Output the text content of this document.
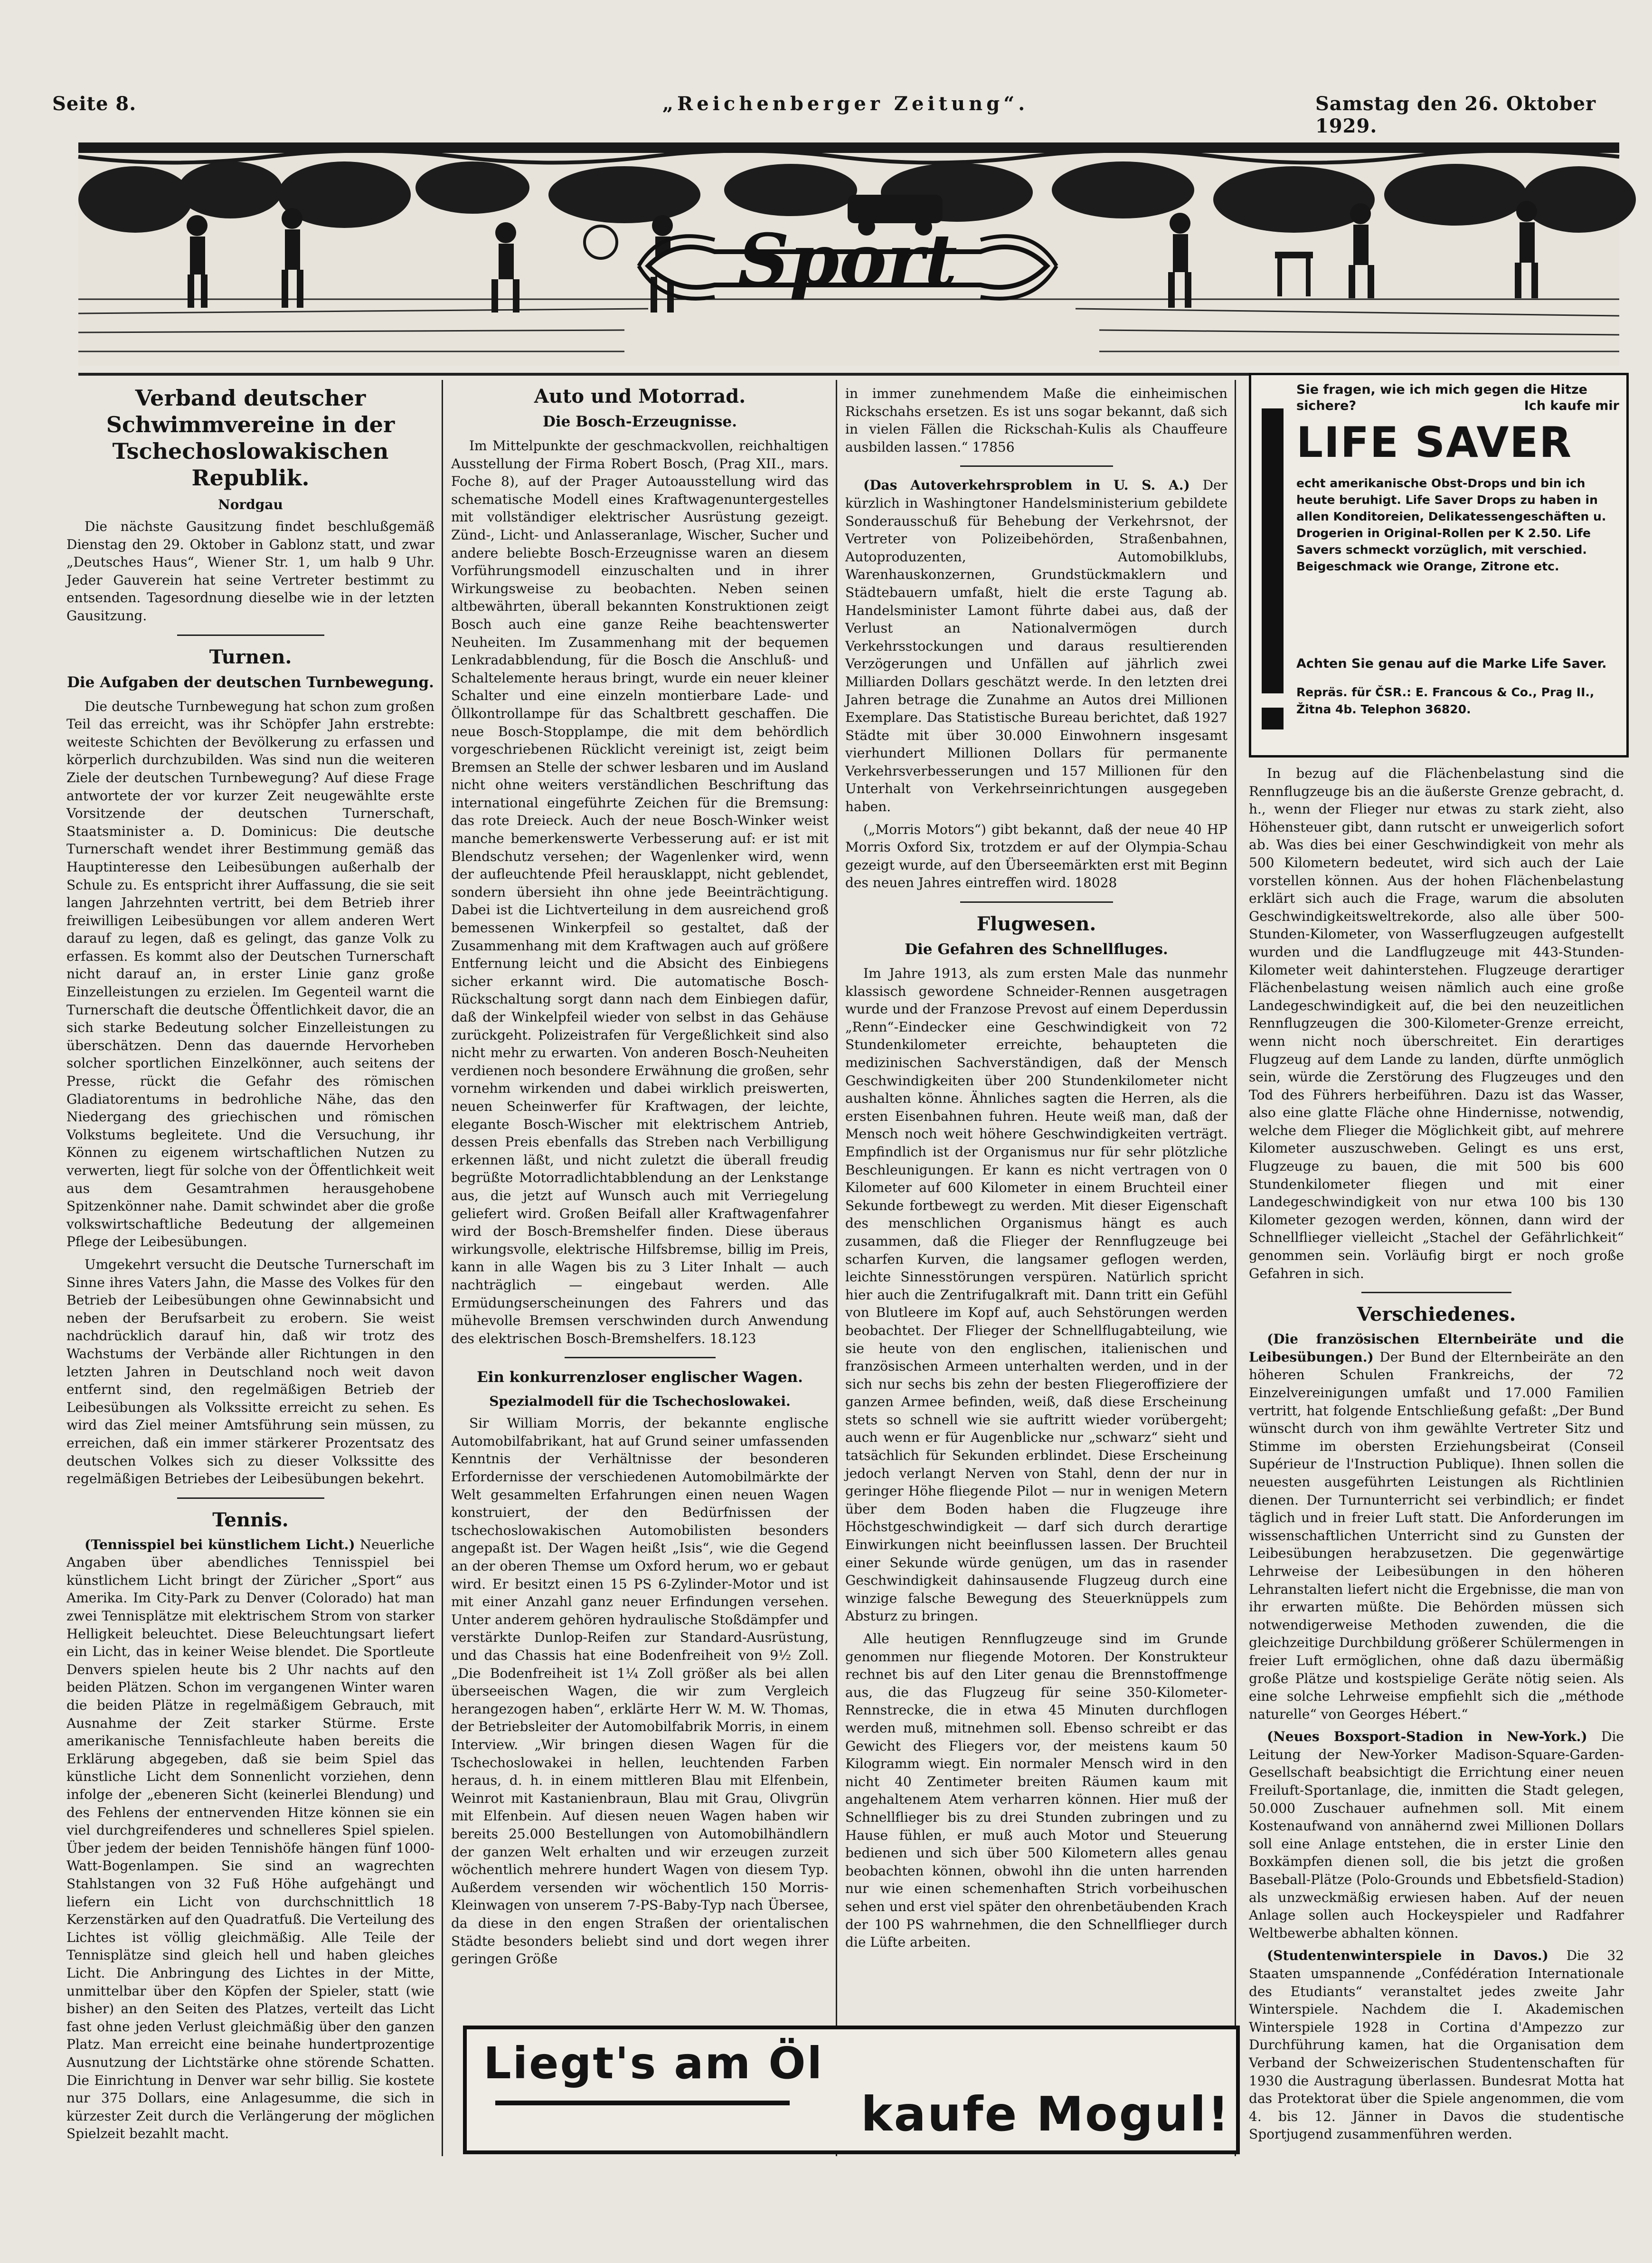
Seite 8.	„Reichenberger Zeitung“.	Samstag den 26. Oktober 1929.
Sport
Verband deutscher Schwimmvereine in der Tschechoslowakischen Republik.
Nordgau

Die nächste Gausitzung findet beschlußgemäß Dienstag den 29. Oktober in Gablonz statt, und zwar „Deutsches Haus“, Wiener Str. 1, um halb 9 Uhr. Jeder Gauverein hat seine Vertreter bestimmt zu entsenden. Tagesordnung dieselbe wie in der letzten Gausitzung.

Turnen.
Die Aufgaben der deutschen Turnbewegung.

Die deutsche Turnbewegung hat schon zum großen Teil das erreicht, was ihr Schöpfer Jahn erstrebte: weiteste Schichten der Bevölkerung zu erfassen und körperlich durchzubilden. Was sind nun die weiteren Ziele der deutschen Turnbewegung? Auf diese Frage antwortete der vor kurzer Zeit neugewählte erste Vorsitzende der deutschen Turnerschaft, Staatsminister a. D. Dominicus: Die deutsche Turnerschaft wendet ihrer Bestimmung gemäß das Hauptinteresse den Leibesübungen außerhalb der Schule zu. Es entspricht ihrer Auffassung, die sie seit langen Jahrzehnten vertritt, bei dem Betrieb ihrer freiwilligen Leibesübungen vor allem anderen Wert darauf zu legen, daß es gelingt, das ganze Volk zu erfassen. Es kommt also der Deutschen Turnerschaft nicht darauf an, in erster Linie ganz große Einzelleistungen zu erzielen. Im Gegenteil warnt die Turnerschaft die deutsche Öffentlichkeit davor, die an sich starke Bedeutung solcher Einzelleistungen zu überschätzen. Denn das dauernde Hervorheben solcher sportlichen Einzelkönner, auch seitens der Presse, rückt die Gefahr des römischen Gladiatorentums in bedrohliche Nähe, das den Niedergang des griechischen und römischen Volkstums begleitete. Und die Versuchung, ihr Können zu eigenem wirtschaftlichen Nutzen zu verwerten, liegt für solche von der Öffentlichkeit weit aus dem Gesamtrahmen herausgehobene Spitzenkönner nahe. Damit schwindet aber die große volkswirtschaftliche Bedeutung der allgemeinen Pflege der Leibesübungen.

Umgekehrt versucht die Deutsche Turnerschaft im Sinne ihres Vaters Jahn, die Masse des Volkes für den Betrieb der Leibesübungen ohne Gewinnabsicht und neben der Berufsarbeit zu erobern. Sie weist nachdrücklich darauf hin, daß wir trotz des Wachstums der Verbände aller Richtungen in den letzten Jahren in Deutschland noch weit davon entfernt sind, den regelmäßigen Betrieb der Leibesübungen als Volkssitte erreicht zu sehen. Es wird das Ziel meiner Amtsführung sein müssen, zu erreichen, daß ein immer stärkerer Prozentsatz des deutschen Volkes sich zu dieser Volkssitte des regelmäßigen Betriebes der Leibesübungen bekehrt.

Tennis.

(Tennisspiel bei künstlichem Licht.) Neuerliche Angaben über abendliches Tennisspiel bei künstlichem Licht bringt der Züricher „Sport“ aus Amerika. Im City-Park zu Denver (Colorado) hat man zwei Tennisplätze mit elektrischem Strom von starker Helligkeit beleuchtet. Diese Beleuchtungsart liefert ein Licht, das in keiner Weise blendet. Die Sportleute Denvers spielen heute bis 2 Uhr nachts auf den beiden Plätzen. Schon im vergangenen Winter waren die beiden Plätze in regelmäßigem Gebrauch, mit Ausnahme der Zeit starker Stürme. Erste amerikanische Tennisfachleute haben bereits die Erklärung abgegeben, daß sie beim Spiel das künstliche Licht dem Sonnenlicht vorziehen, denn infolge der „ebeneren Sicht (keinerlei Blendung) und des Fehlens der entnervenden Hitze können sie ein viel durchgreifenderes und schnelleres Spiel spielen. Über jedem der beiden Tennishöfe hängen fünf 1000-Watt-Bogenlampen. Sie sind an wagrechten Stahlstangen von 32 Fuß Höhe aufgehängt und liefern ein Licht von durchschnittlich 18 Kerzenstärken auf den Quadratfuß. Die Verteilung des Lichtes ist völlig gleichmäßig. Alle Teile der Tennisplätze sind gleich hell und haben gleiches Licht. Die Anbringung des Lichtes in der Mitte, unmittelbar über den Köpfen der Spieler, statt (wie bisher) an den Seiten des Platzes, verteilt das Licht fast ohne jeden Verlust gleichmäßig über den ganzen Platz. Man erreicht eine beinahe hundertprozentige Ausnutzung der Lichtstärke ohne störende Schatten. Die Einrichtung in Denver war sehr billig. Sie kostete nur 375 Dollars, eine Anlagesumme, die sich in kürzester Zeit durch die Verlängerung der möglichen Spielzeit bezahlt macht.

Auto und Motorrad.
Die Bosch-Erzeugnisse.

Im Mittelpunkte der geschmackvollen, reichhaltigen Ausstellung der Firma Robert Bosch, (Prag XII., mars. Foche 8), auf der Prager Autoausstellung wird das schematische Modell eines Kraftwagenuntergestelles mit vollständiger elektrischer Ausrüstung gezeigt. Zünd-, Licht- und Anlasseranlage, Wischer, Sucher und andere beliebte Bosch-Erzeugnisse waren an diesem Vorführungsmodell einzuschalten und in ihrer Wirkungsweise zu beobachten. Neben seinen altbewährten, überall bekannten Konstruktionen zeigt Bosch auch eine ganze Reihe beachtenswerter Neuheiten. Im Zusammenhang mit der bequemen Lenkradabblendung, für die Bosch die Anschluß- und Schaltelemente heraus bringt, wurde ein neuer kleiner Schalter und eine einzeln montierbare Lade- und Öllkontrollampe für das Schaltbrett geschaffen. Die neue Bosch-Stopplampe, die mit dem behördlich vorgeschriebenen Rücklicht vereinigt ist, zeigt beim Bremsen an Stelle der schwer lesbaren und im Ausland nicht ohne weiters verständlichen Beschriftung das international eingeführte Zeichen für die Bremsung: das rote Dreieck. Auch der neue Bosch-Winker weist manche bemerkenswerte Verbesserung auf: er ist mit Blendschutz versehen; der Wagenlenker wird, wenn der aufleuchtende Pfeil herausklappt, nicht geblendet, sondern übersieht ihn ohne jede Beeinträchtigung. Dabei ist die Lichtverteilung in dem ausreichend groß bemessenen Winkerpfeil so gestaltet, daß der Zusammenhang mit dem Kraftwagen auch auf größere Entfernung leicht und die Absicht des Einbiegens sicher erkannt wird. Die automatische Bosch-Rückschaltung sorgt dann nach dem Einbiegen dafür, daß der Winkelpfeil wieder von selbst in das Gehäuse zurückgeht. Polizeistrafen für Vergeßlichkeit sind also nicht mehr zu erwarten. Von anderen Bosch-Neuheiten verdienen noch besondere Erwähnung die großen, sehr vornehm wirkenden und dabei wirklich preiswerten, neuen Scheinwerfer für Kraftwagen, der leichte, elegante Bosch-Wischer mit elektrischem Antrieb, dessen Preis ebenfalls das Streben nach Verbilligung erkennen läßt, und nicht zuletzt die überall freudig begrüßte Motorradlichtabblendung an der Lenkstange aus, die jetzt auf Wunsch auch mit Verriegelung geliefert wird. Großen Beifall aller Kraftwagenfahrer wird der Bosch-Bremshelfer finden. Diese überaus wirkungsvolle, elektrische Hilfsbremse, billig im Preis, kann in alle Wagen bis zu 3 Liter Inhalt — auch nachträglich — eingebaut werden. Alle Ermüdungserscheinungen des Fahrers und das mühevolle Bremsen verschwinden durch Anwendung des elektrischen Bosch-Bremshelfers. 18.123

Ein konkurrenzloser englischer Wagen.
Spezialmodell für die Tschechoslowakei.

Sir William Morris, der bekannte englische Automobilfabrikant, hat auf Grund seiner umfassenden Kenntnis der Verhältnisse der besonderen Erfordernisse der verschiedenen Automobilmärkte der Welt gesammelten Erfahrungen einen neuen Wagen konstruiert, der den Bedürfnissen der tschechoslowakischen Automobilisten besonders angepaßt ist. Der Wagen heißt „Isis“, wie die Gegend an der oberen Themse um Oxford herum, wo er gebaut wird. Er besitzt einen 15 PS 6-Zylinder-Motor und ist mit einer Anzahl ganz neuer Erfindungen versehen. Unter anderem gehören hydraulische Stoßdämpfer und verstärkte Dunlop-Reifen zur Standard-Ausrüstung, und das Chassis hat eine Bodenfreiheit von 9½ Zoll. „Die Bodenfreiheit ist 1¼ Zoll größer als bei allen überseeischen Wagen, die wir zum Vergleich herangezogen haben“, erklärte Herr W. M. W. Thomas, der Betriebsleiter der Automobilfabrik Morris, in einem Interview. „Wir bringen diesen Wagen für die Tschechoslowakei in hellen, leuchtenden Farben heraus, d. h. in einem mittleren Blau mit Elfenbein, Weinrot mit Kastanienbraun, Blau mit Grau, Olivgrün mit Elfenbein. Auf diesen neuen Wagen haben wir bereits 25.000 Bestellungen von Automobilhändlern der ganzen Welt erhalten und wir erzeugen zurzeit wöchentlich mehrere hundert Wagen von diesem Typ. Außerdem versenden wir wöchentlich 150 Morris-Kleinwagen von unserem 7-PS-Baby-Typ nach Übersee, da diese in den engen Straßen der orientalischen Städte besonders beliebt sind und dort wegen ihrer geringen Größe

in immer zunehmendem Maße die einheimischen Rickschahs ersetzen. Es ist uns sogar bekannt, daß sich in vielen Fällen die Rickschah-Kulis als Chauffeure ausbilden lassen.“ 17856

(Das Autoverkehrsproblem in U. S. A.) Der kürzlich in Washingtoner Handelsministerium gebildete Sonderausschuß für Behebung der Verkehrsnot, der Vertreter von Polizeibehörden, Straßenbahnen, Autoproduzenten, Automobilklubs, Warenhauskonzernen, Grundstückmaklern und Städtebauern umfaßt, hielt die erste Tagung ab. Handelsminister Lamont führte dabei aus, daß der Verlust an Nationalvermögen durch Verkehrsstockungen und daraus resultierenden Verzögerungen und Unfällen auf jährlich zwei Milliarden Dollars geschätzt werde. In den letzten drei Jahren betrage die Zunahme an Autos drei Millionen Exemplare. Das Statistische Bureau berichtet, daß 1927 Städte mit über 30.000 Einwohnern insgesamt vierhundert Millionen Dollars für permanente Verkehrsverbesserungen und 157 Millionen für den Unterhalt von Verkehrseinrichtungen ausgegeben haben.

(„Morris Motors“) gibt bekannt, daß der neue 40 HP Morris Oxford Six, trotzdem er auf der Olympia-Schau gezeigt wurde, auf den Überseemärkten erst mit Beginn des neuen Jahres eintreffen wird. 18028

Flugwesen.
Die Gefahren des Schnellfluges.

Im Jahre 1913, als zum ersten Male das nunmehr klassisch gewordene Schneider-Rennen ausgetragen wurde und der Franzose Prevost auf einem Deperdussin „Renn“-Eindecker eine Geschwindigkeit von 72 Stundenkilometer erreichte, behaupteten die medizinischen Sachverständigen, daß der Mensch Geschwindigkeiten über 200 Stundenkilometer nicht aushalten könne. Ähnliches sagten die Herren, als die ersten Eisenbahnen fuhren. Heute weiß man, daß der Mensch noch weit höhere Geschwindigkeiten verträgt. Empfindlich ist der Organismus nur für sehr plötzliche Beschleunigungen. Er kann es nicht vertragen von 0 Kilometer auf 600 Kilometer in einem Bruchteil einer Sekunde fortbewegt zu werden. Mit dieser Eigenschaft des menschlichen Organismus hängt es auch zusammen, daß die Flieger der Rennflugzeuge bei scharfen Kurven, die langsamer geflogen werden, leichte Sinnesstörungen verspüren. Natürlich spricht hier auch die Zentrifugalkraft mit. Dann tritt ein Gefühl von Blutleere im Kopf auf, auch Sehstörungen werden beobachtet. Der Flieger der Schnellflugabteilung, wie sie heute von den englischen, italienischen und französischen Armeen unterhalten werden, und in der sich nur sechs bis zehn der besten Fliegeroffiziere der ganzen Armee befinden, weiß, daß diese Erscheinung stets so schnell wie sie auftritt wieder vorübergeht; auch wenn er für Augenblicke nur „schwarz“ sieht und tatsächlich für Sekunden erblindet. Diese Erscheinung jedoch verlangt Nerven von Stahl, denn der nur in geringer Höhe fliegende Pilot — nur in wenigen Metern über dem Boden haben die Flugzeuge ihre Höchstgeschwindigkeit — darf sich durch derartige Einwirkungen nicht beeinflussen lassen. Der Bruchteil einer Sekunde würde genügen, um das in rasender Geschwindigkeit dahinsausende Flugzeug durch eine winzige falsche Bewegung des Steuerknüppels zum Absturz zu bringen.

Alle heutigen Rennflugzeuge sind im Grunde genommen nur fliegende Motoren. Der Konstrukteur rechnet bis auf den Liter genau die Brennstoffmenge aus, die das Flugzeug für seine 350-Kilometer-Rennstrecke, die in etwa 45 Minuten durchflogen werden muß, mitnehmen soll. Ebenso schreibt er das Gewicht des Fliegers vor, der meistens kaum 50 Kilogramm wiegt. Ein normaler Mensch wird in den nicht 40 Zentimeter breiten Räumen kaum mit angehaltenem Atem verharren können. Hier muß der Schnellflieger bis zu drei Stunden zubringen und zu Hause fühlen, er muß auch Motor und Steuerung bedienen und sich über 500 Kilometern alles genau beobachten können, obwohl ihn die unten harrenden nur wie einen schemenhaften Strich vorbeihuschen sehen und erst viel später den ohrenbetäubenden Krach der 100 PS wahrnehmen, die den Schnellflieger durch die Lüfte arbeiten.

Sie fragen, wie ich mich gegen die Hitze sichere?	Ich kaufe mir
LIFE SAVER
echt amerikanische Obst-Drops und bin ich heute beruhigt. Life Saver Drops zu haben in allen Konditoreien, Delikatessengeschäften u. Drogerien in Original-Rollen per K 2.50. Life Savers schmeckt vorzüglich, mit verschied. Beigeschmack wie Orange, Zitrone etc.
Achten Sie genau auf die Marke Life Saver.
Repräs. für ČSR.: E. Francous & Co., Prag II., Žitna 4b. Telephon 36820.

In bezug auf die Flächenbelastung sind die Rennflugzeuge bis an die äußerste Grenze gebracht, d. h., wenn der Flieger nur etwas zu stark zieht, also Höhensteuer gibt, dann rutscht er unweigerlich sofort ab. Was dies bei einer Geschwindigkeit von mehr als 500 Kilometern bedeutet, wird sich auch der Laie vorstellen können. Aus der hohen Flächenbelastung erklärt sich auch die Frage, warum die absoluten Geschwindigkeitsweltrekorde, also alle über 500-Stunden-Kilometer, von Wasserflugzeugen aufgestellt wurden und die Landflugzeuge mit 443-Stunden-Kilometer weit dahinterstehen. Flugzeuge derartiger Flächenbelastung weisen nämlich auch eine große Landegeschwindigkeit auf, die bei den neuzeitlichen Rennflugzeugen die 300-Kilometer-Grenze erreicht, wenn nicht noch überschreitet. Ein derartiges Flugzeug auf dem Lande zu landen, dürfte unmöglich sein, würde die Zerstörung des Flugzeuges und den Tod des Führers herbeiführen. Dazu ist das Wasser, also eine glatte Fläche ohne Hindernisse, notwendig, welche dem Flieger die Möglichkeit gibt, auf mehrere Kilometer auszuschweben. Gelingt es uns erst, Flugzeuge zu bauen, die mit 500 bis 600 Stundenkilometer fliegen und mit einer Landegeschwindigkeit von nur etwa 100 bis 130 Kilometer gezogen werden, können, dann wird der Schnellflieger vielleicht „Stachel der Gefährlichkeit“ genommen sein. Vorläufig birgt er noch große Gefahren in sich.

Verschiedenes.

(Die französischen Elternbeiräte und die Leibesübungen.) Der Bund der Elternbeiräte an den höheren Schulen Frankreichs, der 72 Einzelvereinigungen umfaßt und 17.000 Familien vertritt, hat folgende Entschließung gefaßt: „Der Bund wünscht durch von ihm gewählte Vertreter Sitz und Stimme im obersten Erziehungsbeirat (Conseil Supérieur de l'Instruction Publique). Ihnen sollen die neuesten ausgeführten Leistungen als Richtlinien dienen. Der Turnunterricht sei verbindlich; er findet täglich und in freier Luft statt. Die Anforderungen im wissenschaftlichen Unterricht sind zu Gunsten der Leibesübungen herabzusetzen. Die gegenwärtige Lehrweise der Leibesübungen in den höheren Lehranstalten liefert nicht die Ergebnisse, die man von ihr erwarten müßte. Die Behörden müssen sich notwendigerweise Methoden zuwenden, die die gleichzeitige Durchbildung größerer Schülermengen in freier Luft ermöglichen, ohne daß dazu übermäßig große Plätze und kostspielige Geräte nötig seien. Als eine solche Lehrweise empfiehlt sich die „méthode naturelle“ von Georges Hébert.“

(Neues Boxsport-Stadion in New-York.) Die Leitung der New-Yorker Madison-Square-Garden-Gesellschaft beabsichtigt die Errichtung einer neuen Freiluft-Sportanlage, die, inmitten die Stadt gelegen, 50.000 Zuschauer aufnehmen soll. Mit einem Kostenaufwand von annähernd zwei Millionen Dollars soll eine Anlage entstehen, die in erster Linie den Boxkämpfen dienen soll, die bis jetzt die großen Baseball-Plätze (Polo-Grounds und Ebbetsfield-Stadion) als unzweckmäßig erwiesen haben. Auf der neuen Anlage sollen auch Hockeyspieler und Radfahrer Weltbewerbe abhalten können.

(Studentenwinterspiele in Davos.) Die 32 Staaten umspannende „Confédération Internationale des Etudiants“ veranstaltet jedes zweite Jahr Winterspiele. Nachdem die I. Akademischen Winterspiele 1928 in Cortina d'Ampezzo zur Durchführung kamen, hat die Organisation dem Verband der Schweizerischen Studentenschaften für 1930 die Austragung überlassen. Bundesrat Motta hat das Protektorat über die Spiele angenommen, die vom 4. bis 12. Jänner in Davos die studentische Sportjugend zusammenführen werden.

Liegt's am Öl
kaufe Mogul!
